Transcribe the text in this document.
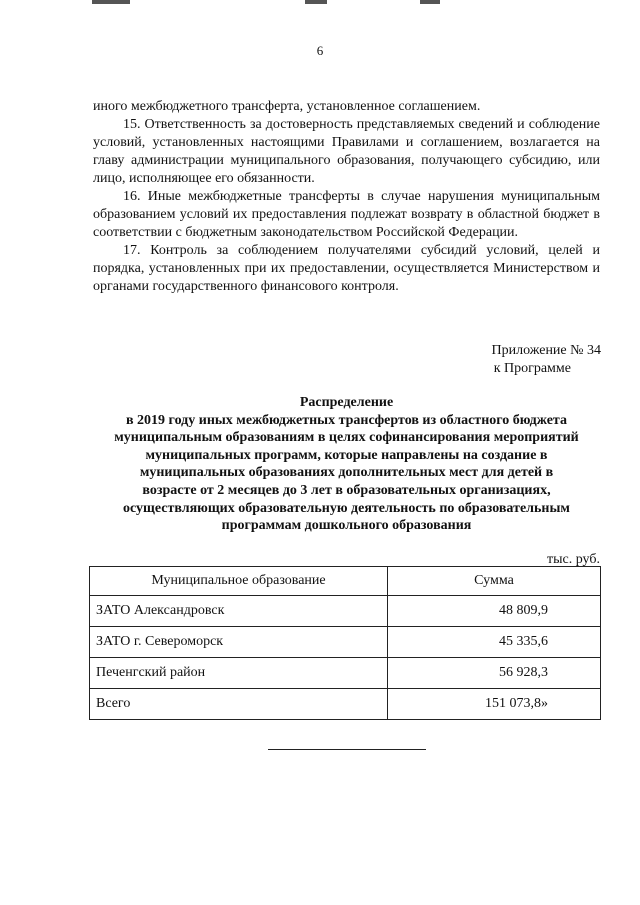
6

иного межбюджетного трансферта, установленное соглашением.

15. Ответственность за достоверность представляемых сведений и соблюдение условий, установленных настоящими Правилами и соглашением, возлагается на главу администрации муниципального образования, получающего субсидию, или лицо, исполняющее его обязанности.

16. Иные межбюджетные трансферты в случае нарушения муниципальным образованием условий их предоставления подлежат возврату в областной бюджет в соответствии с бюджетным законодательством Российской Федерации.

17. Контроль за соблюдением получателями субсидий условий, целей и порядка, установленных при их предоставлении, осуществляется Министерством и органами государственного финансового контроля.

Приложение № 34
к Программе
Распределение
в 2019 году иных межбюджетных трансфертов из областного бюджета
муниципальным образованиям в целях софинансирования мероприятий
муниципальных программ, которые направлены на создание в
муниципальных образованиях дополнительных мест для детей в
возрасте от 2 месяцев до 3 лет в образовательных организациях,
осуществляющих образовательную деятельность по образовательным
программам дошкольного образования
тыс. руб.
Муниципальное образование	Сумма
ЗАТО Александровск	48 809,9
ЗАТО г. Североморск	45 335,6
Печенгский район	56 928,3
Всего	151 073,8»
